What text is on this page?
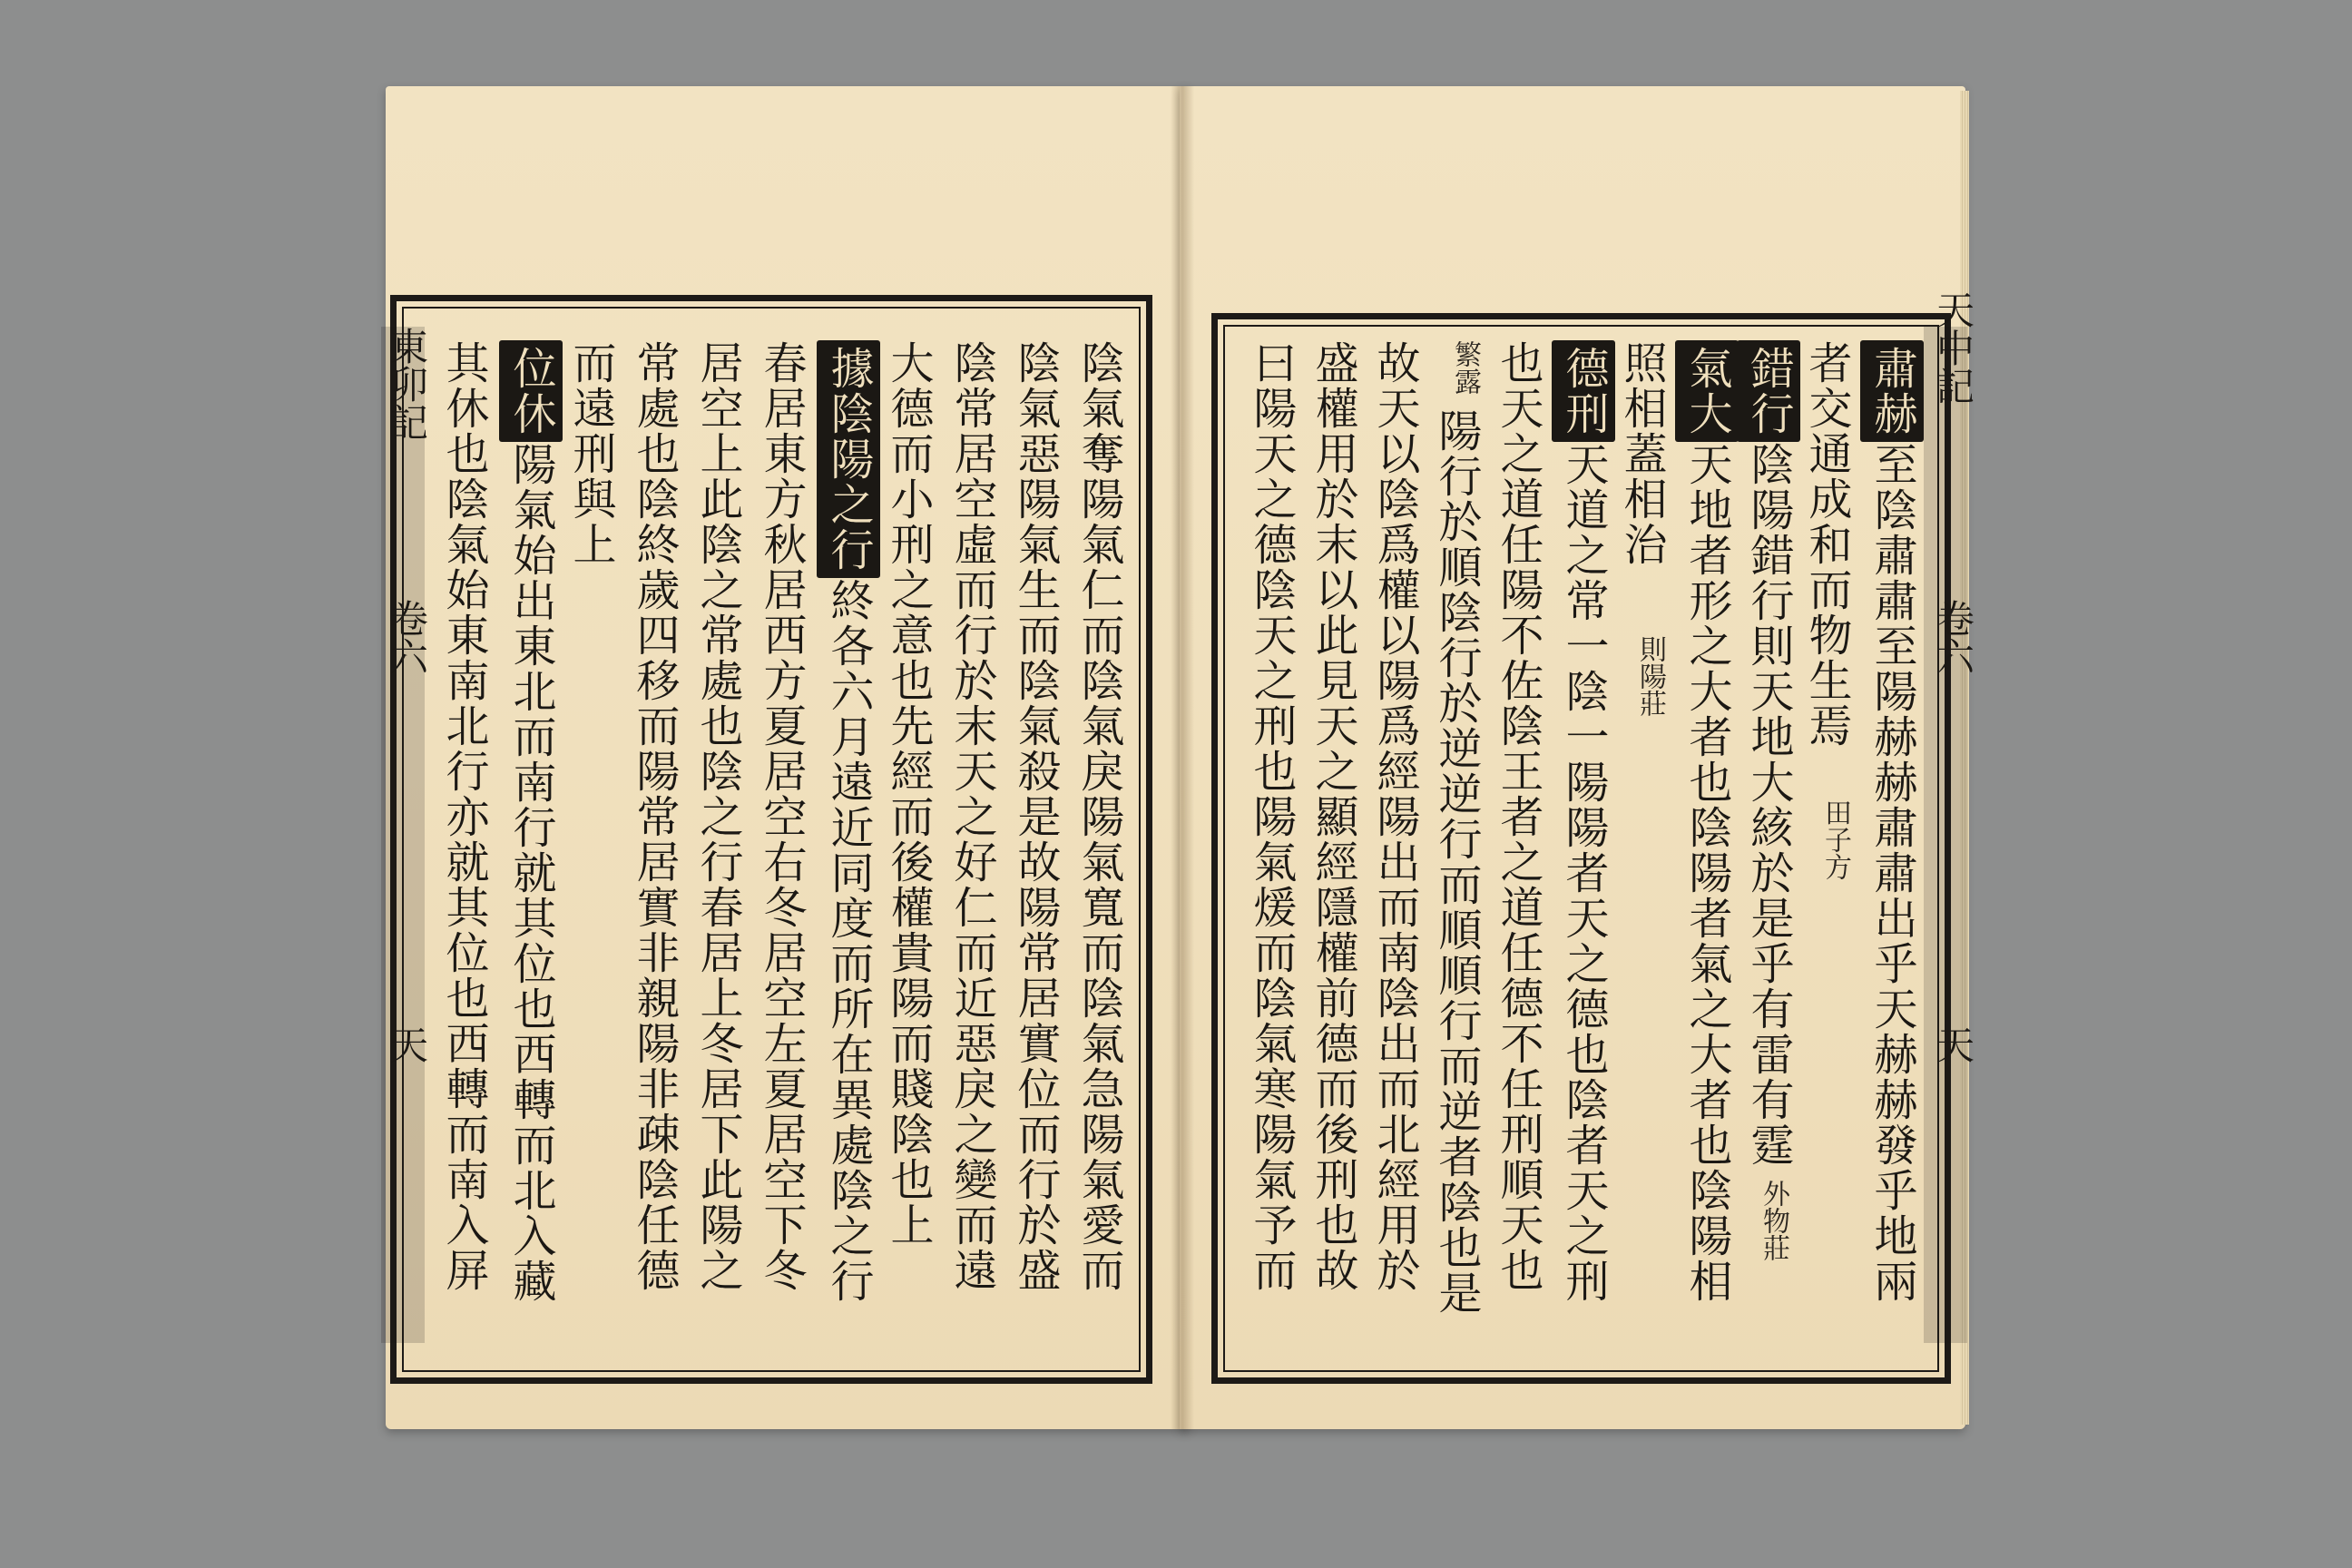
東卯記
卷六
天	陰氣奪陽氣仁而陰氣戾陽氣寬而陰氣急陽氣愛而
陰氣惡陽氣生而陰氣殺是故陽常居實位而行於盛
陰常居空虛而行於末天之好仁而近惡戾之變而遠
大德而小刑之意也先經而後權貴陽而賤陰也上
據陰陽之行終各六月遠近同度而所在異處陰之行
春居東方秋居西方夏居空右冬居空左夏居空下冬
居空上此陰之常處也陰之行春居上冬居下此陽之
常處也陰終歲四移而陽常居實非親陽非疎陰任德
而遠刑與上
位休陽氣始出東北而南行就其位也西轉而北入藏
其休也陰氣始東南北行亦就其位也西轉而南入屏	天中記
卷六
天
肅赫至陰肅肅至陽赫赫肅肅出乎天赫赫發乎地兩
者交通成和而物生焉
田子方
錯行陰陽錯行則天地大絯於是乎有雷有霆
外物莊
氣大天地者形之大者也陰陽者氣之大者也陰陽相
照相蓋相治
則陽莊
德刑天道之常一陰一陽陽者天之德也陰者天之刑
也天之道任陽不佐陰王者之道任德不任刑順天也
繁露
陽行於順陰行於逆逆行而順順行而逆者陰也是
故天以陰爲權以陽爲經陽出而南陰出而北經用於
盛權用於末以此見天之顯經隱權前德而後刑也故
曰陽天之德陰天之刑也陽氣煖而陰氣寒陽氣予而
